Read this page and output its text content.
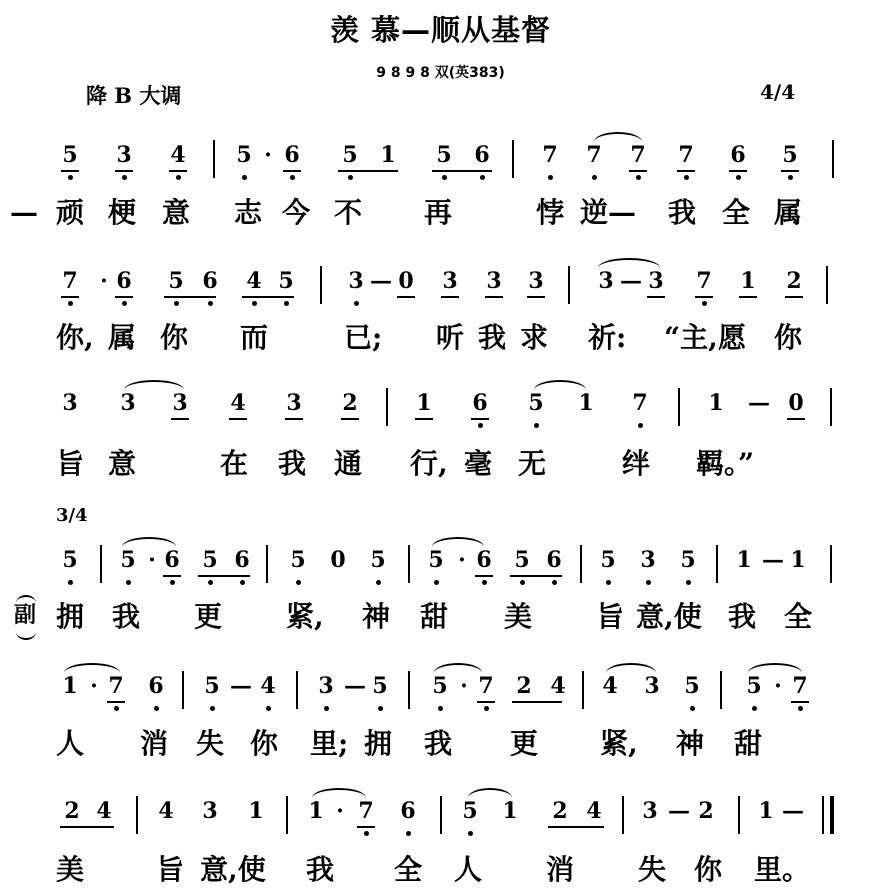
羡 慕—顺从基督
9 8 9 8 双(英383)
降 B 大调	4/4
3/4
副
5 3 4 5 · 6 5 1 5 6 7 7 7 7 6 5
— 顽 梗 意 志 今 不 再	悖 逆— 我 全 属
7 · 6 5 6 4 5 3 — 0 3 3 3 3 — 3 7 1 2
你, 属 你 而	已; 听 我 求 祈: “主, 愿 你
3 3 3 4 3 2	1 6 5 1 7	1 — 0
旨 意	在 我 通 行, 毫 无	绊 羁。”
5 5 · 6 5 6 5 0 5 5 · 6 5 6 5 3 5 1 — 1
拥 我 更 紧, 神 甜 美 旨 意,使 我 全
1 · 7 6 5 — 4 3 — 5 5 · 7 2 4 4 3 5 5 · 7
人 消 失 你 里; 拥 我 更 紧, 神 甜
2 4 4 3 1 1 · 7 6 5 1 2 4 3 — 2 1 —
美	旨 意,使 我 全 人 消 失 你 里。
